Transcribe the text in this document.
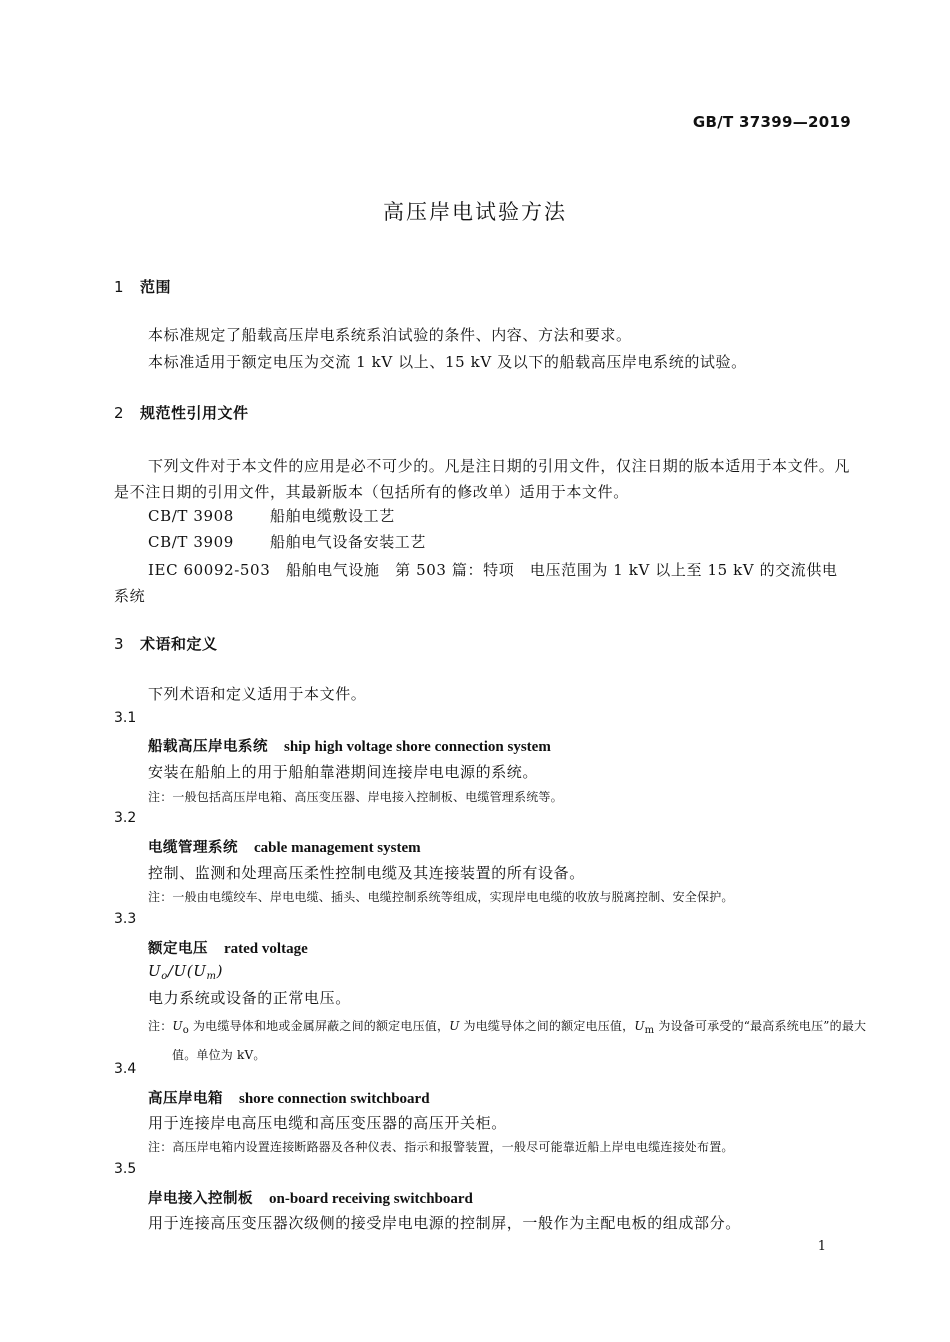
GB/T 37399—2019
高压岸电试验方法
1 范围
本标准规定了船载高压岸电系统系泊试验的条件、内容、方法和要求。
本标准适用于额定电压为交流 1 kV 以上、15 kV 及以下的船载高压岸电系统的试验。
2 规范性引用文件
下列文件对于本文件的应用是必不可少的。凡是注日期的引用文件，仅注日期的版本适用于本文件。凡是不注日期的引用文件，其最新版本（包括所有的修改单）适用于本文件。
CB/T 3908 船舶电缆敷设工艺
CB/T 3909 船舶电气设备安装工艺
IEC 60092-503　 船舶电气设施　第 503 篇：特项　电压范围为 1 kV 以上至 15 kV 的交流供电系统
3 术语和定义
下列术语和定义适用于本文件。
3.1
船载高压岸电系统 ship high voltage shore connection system
安装在船舶上的用于船舶靠港期间连接岸电电源的系统。
注：一般包括高压岸电箱、高压变压器、岸电接入控制板、电缆管理系统等。
3.2
电缆管理系统 cable management system
控制、监测和处理高压柔性控制电缆及其连接装置的所有设备。
注：一般由电缆绞车、岸电电缆、插头、电缆控制系统等组成，实现岸电电缆的收放与脱离控制、安全保护。
3.3
额定电压 rated voltage
$U_o/U(U_m)$
电力系统或设备的正常电压。
注：$U_o$ 为电缆导体和地或金属屏蔽之间的额定电压值，U 为电缆导体之间的额定电压值，$U_m$ 为设备可承受的“最高系统电压”的最大值。单位为 kV。
3.4
高压岸电箱 shore connection switchboard
用于连接岸电高压电缆和高压变压器的高压开关柜。
注：高压岸电箱内设置连接断路器及各种仪表、指示和报警装置，一般尽可能靠近船上岸电电缆连接处布置。
3.5
岸电接入控制板 on-board receiving switchboard
用于连接高压变压器次级侧的接受岸电电源的控制屏，一般作为主配电板的组成部分。
1
